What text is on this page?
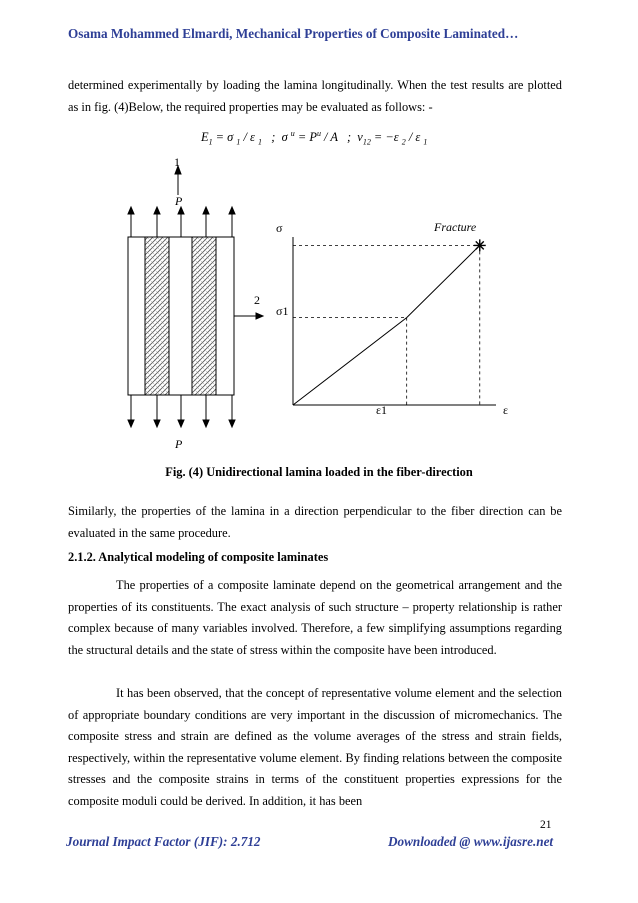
Osama Mohammed Elmardi, Mechanical Properties of Composite Laminated…

determined experimentally by loading the lamina longitudinally. When the test results are plotted as in fig. (4)Below, the required properties may be evaluated as follows: -

$E_1 = \sigma$ $_1$ / ε $_1$   ;  σ $^u = P^u / A$   ;  $\nu_{12} = -\varepsilon$ $_2$ / ε $_1$

1
2
P
P
σ
ε
σ1
ε1
Fracture
Fig. (4) Unidirectional lamina loaded in the fiber-direction

Similarly, the properties of the lamina in a direction perpendicular to the fiber direction can be evaluated in the same procedure.

2.1.2. Analytical modeling of composite laminates

The properties of a composite laminate depend on the geometrical arrangement and the properties of its constituents. The exact analysis of such structure – property relationship is rather complex because of many variables involved. Therefore, a few simplifying assumptions regarding the structural details and the state of stress within the composite have been introduced.

It has been observed, that the concept of representative volume element and the selection of appropriate boundary conditions are very important in the discussion of micromechanics. The composite stress and strain are defined as the volume averages of the stress and strain fields, respectively, within the representative volume element. By finding relations between the composite stresses and the composite strains in terms of the constituent properties expressions for the composite moduli could be derived. In addition, it has been

21
Journal Impact Factor (JIF): 2.712	Downloaded @ www.ijasre.net
